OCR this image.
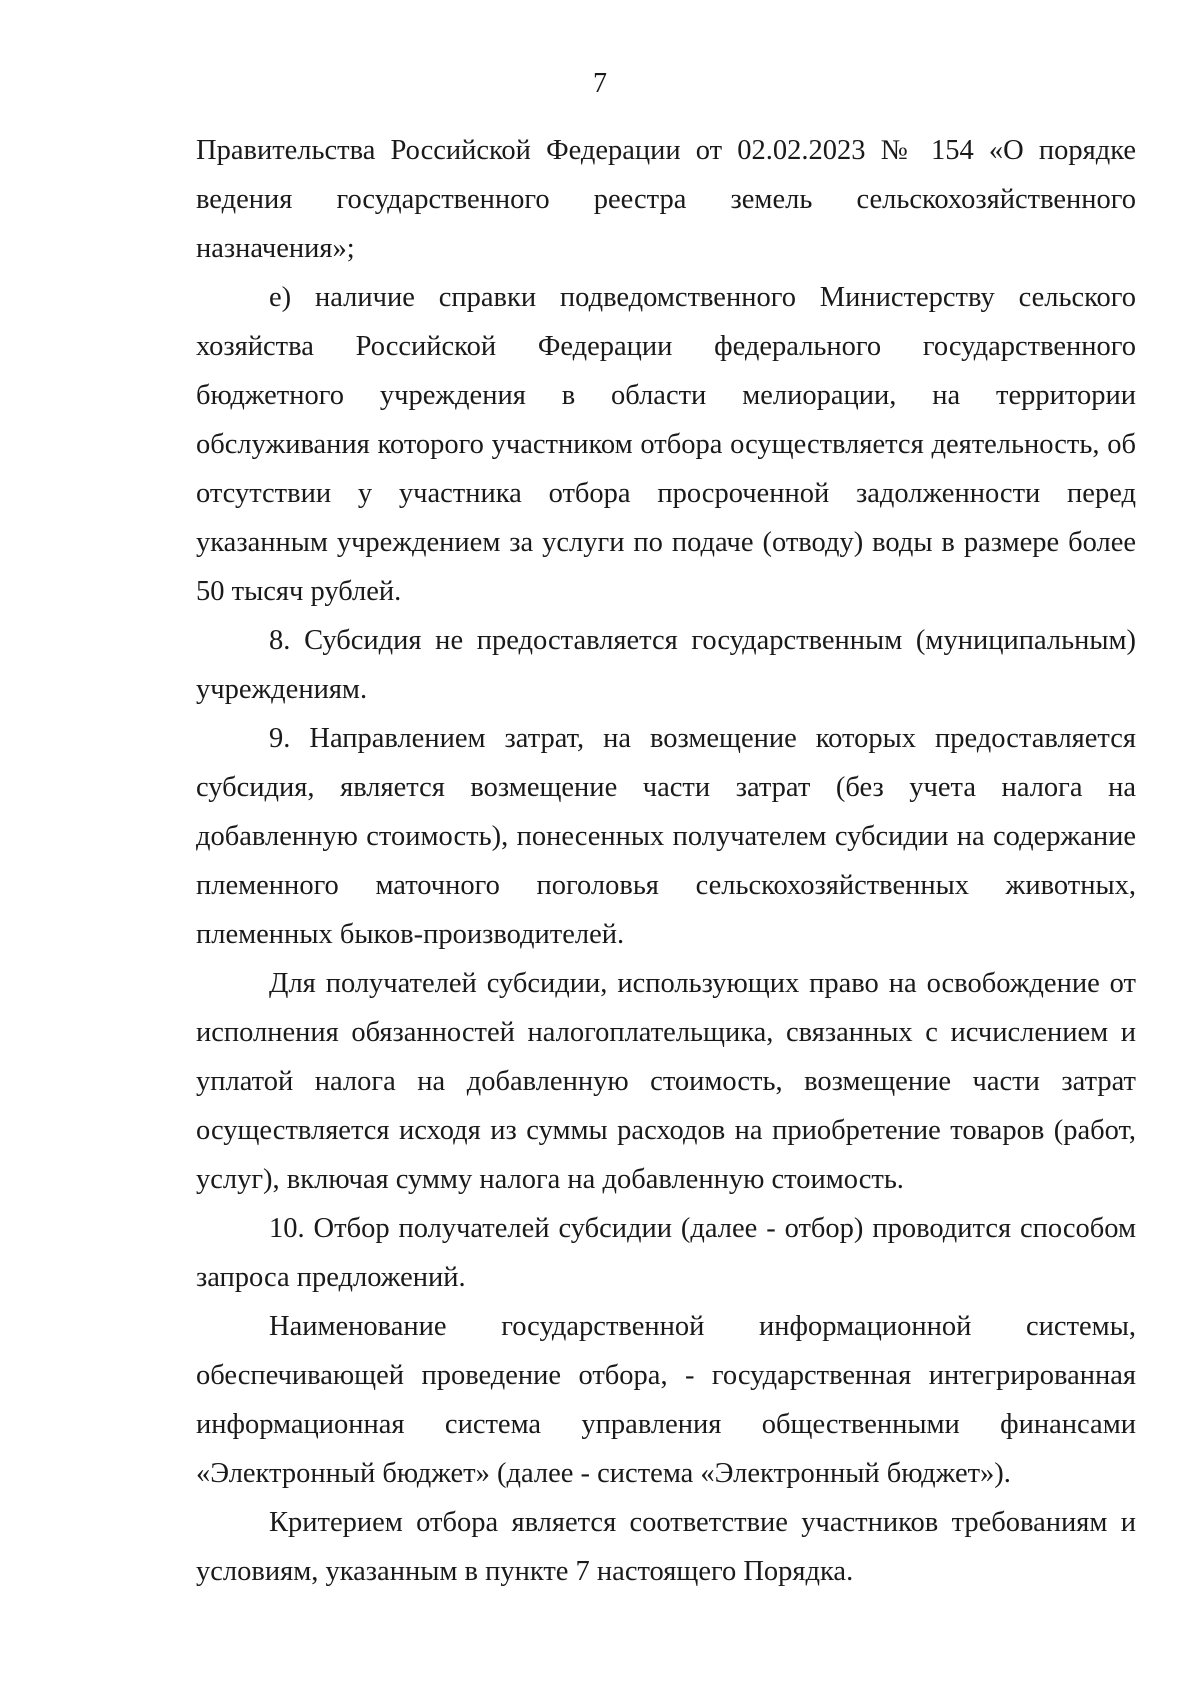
7

Правительства Российской Федерации от 02.02.2023 № 154 «О порядке ведения государственного реестра земель сельскохозяйственного назначения»;

е) наличие справки подведомственного Министерству сельского хозяйства Российской Федерации федерального государственного бюджетного учреждения в области мелиорации, на территории обслуживания которого участником отбора осуществляется деятельность, об отсутствии у участника отбора просроченной задолженности перед указанным учреждением за услуги по подаче (отводу) воды в размере более 50 тысяч рублей.

8. Субсидия не предоставляется государственным (муниципальным) учреждениям.

9. Направлением затрат, на возмещение которых предоставляется субсидия, является возмещение части затрат (без учета налога на добавленную стоимость), понесенных получателем субсидии на содержание племенного маточного поголовья сельскохозяйственных животных, племенных быков-производителей.

Для получателей субсидии, использующих право на освобождение от исполнения обязанностей налогоплательщика, связанных с исчислением и уплатой налога на добавленную стоимость, возмещение части затрат осуществляется исходя из суммы расходов на приобретение товаров (работ, услуг), включая сумму налога на добавленную стоимость.

10. Отбор получателей субсидии (далее - отбор) проводится способом запроса предложений.

Наименование государственной информационной системы, обеспечивающей проведение отбора, - государственная интегрированная информационная система управления общественными финансами «Электронный бюджет» (далее - система «Электронный бюджет»).

Критерием отбора является соответствие участников требованиям и условиям, указанным в пункте 7 настоящего Порядка.
